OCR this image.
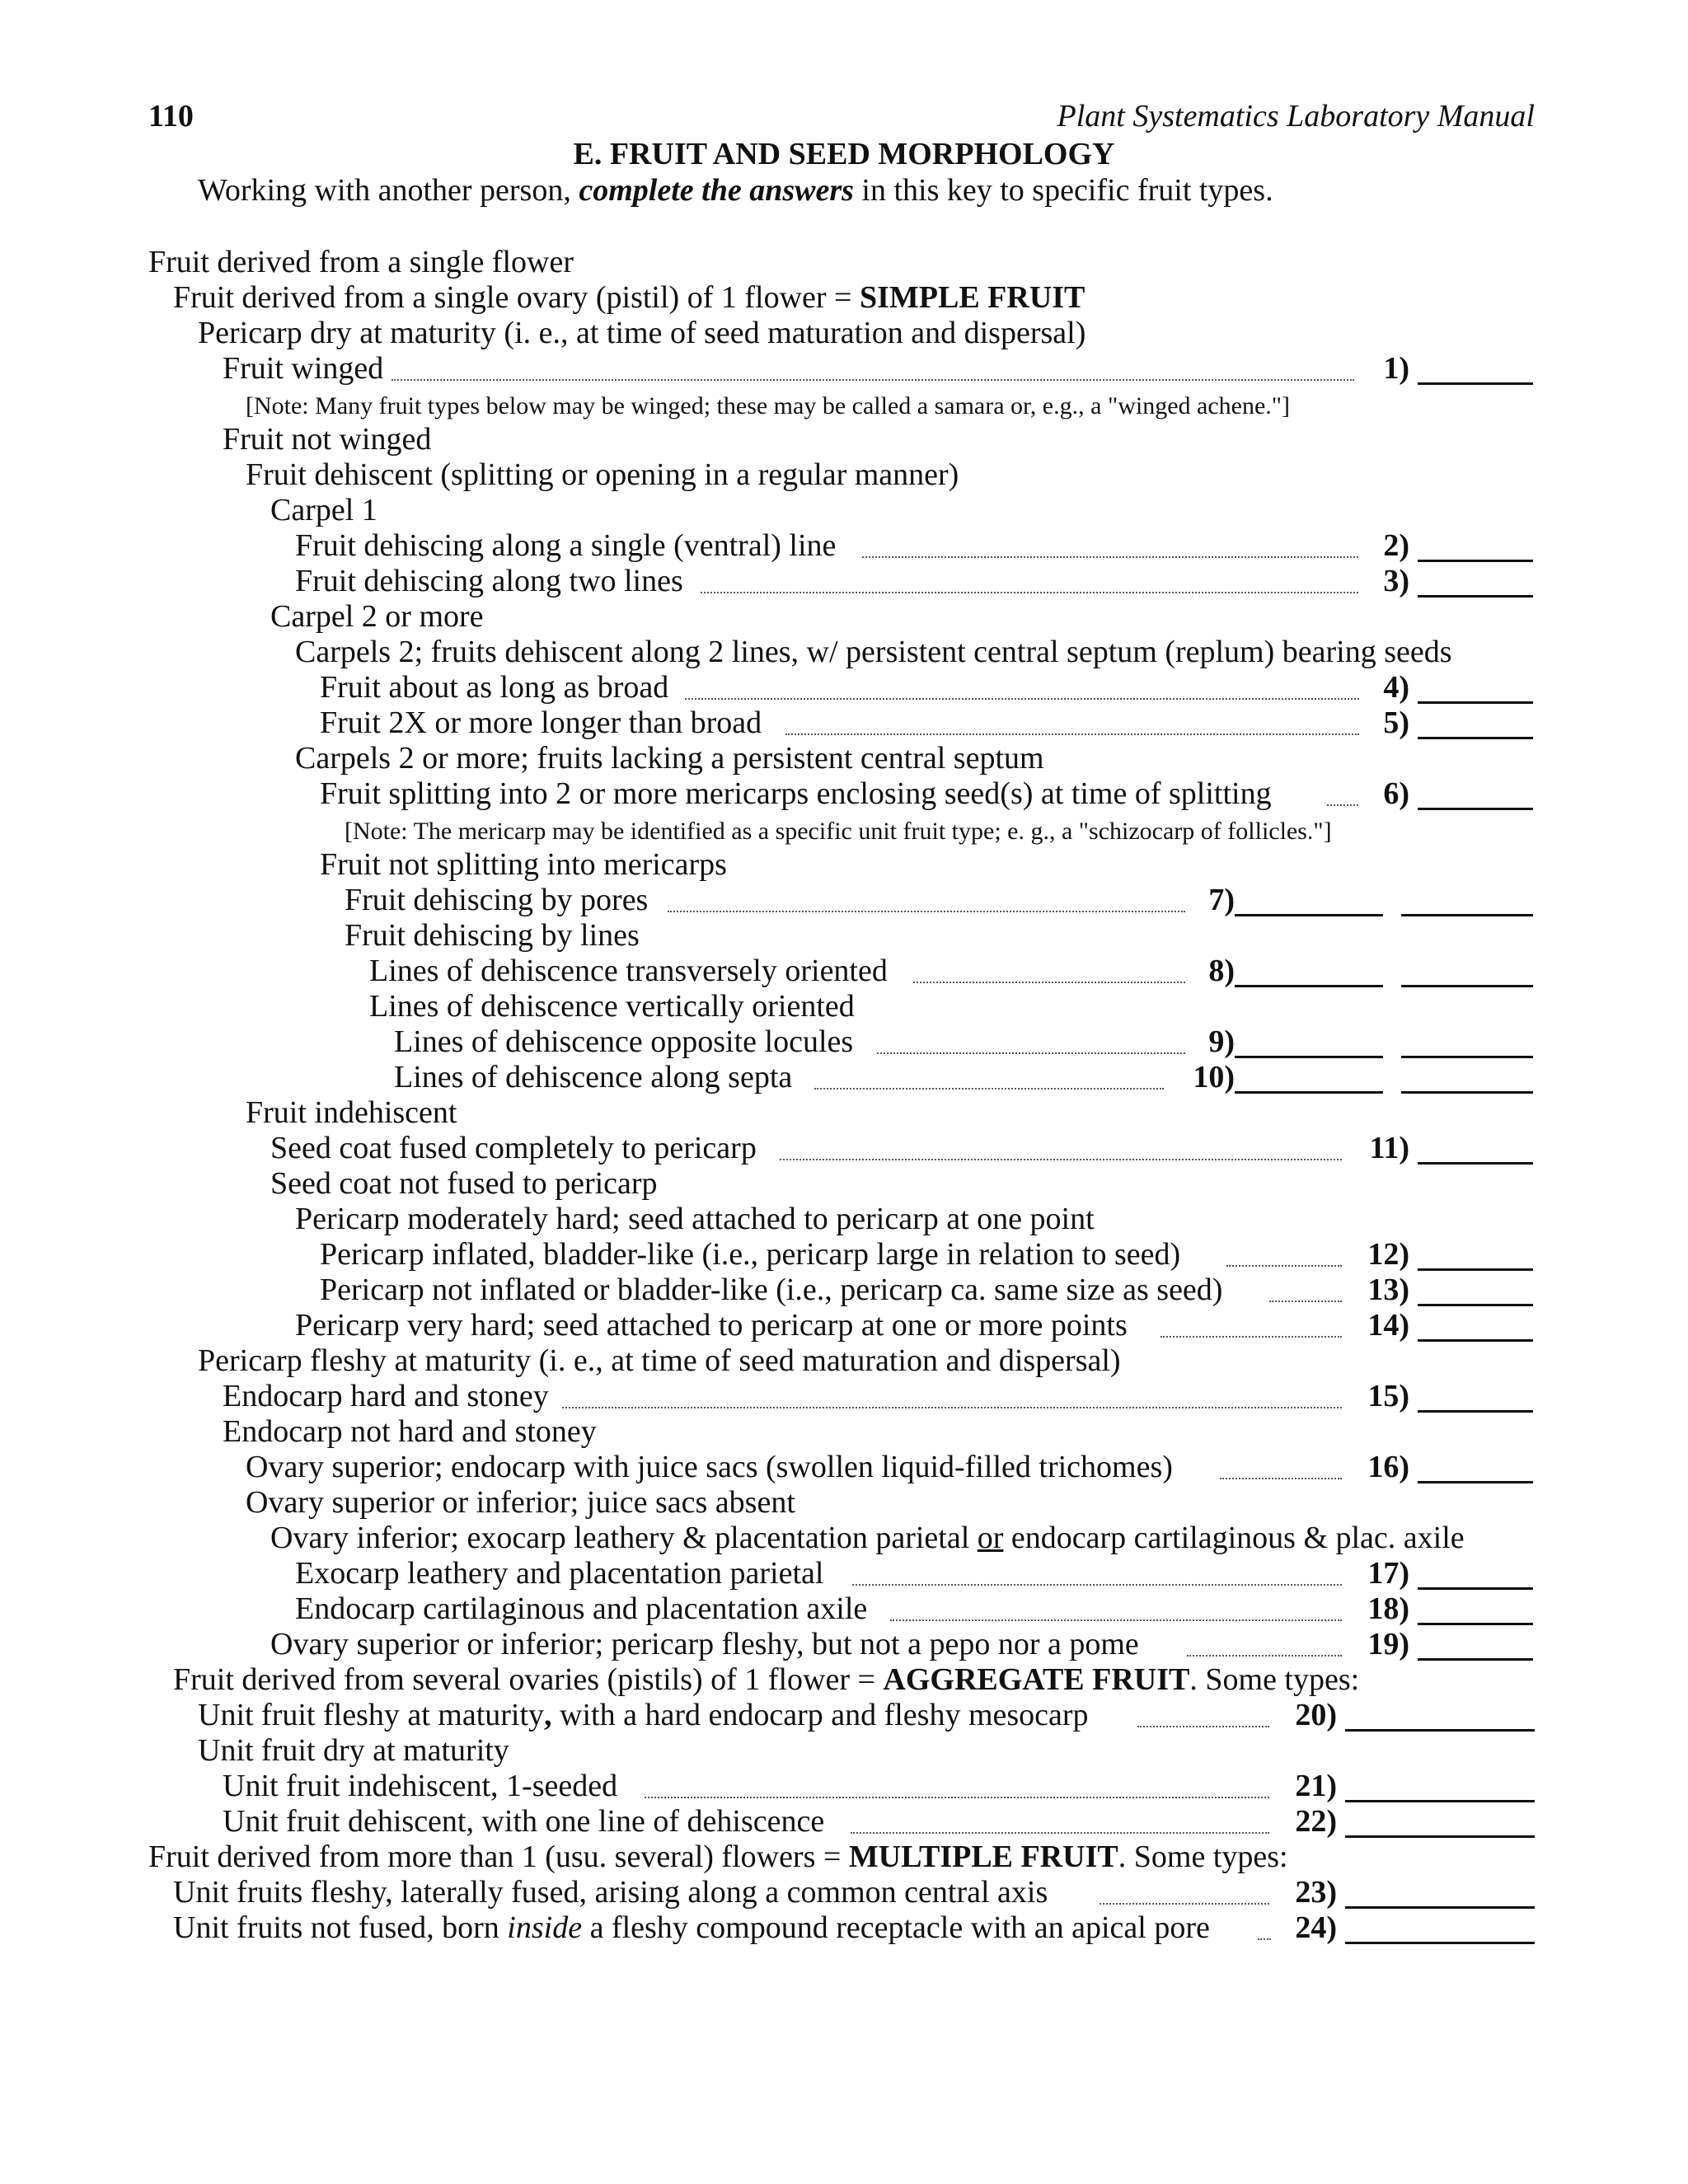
110	Plant Systematics Laboratory Manual
E. FRUIT AND SEED MORPHOLOGY
Working with another person, complete the answers in this key to specific fruit types.
Fruit derived from a single flower
Fruit derived from a single ovary (pistil) of 1 flower = SIMPLE FRUIT
Pericarp dry at maturity (i. e., at time of seed maturation and dispersal)
Fruit winged	1)
[Note: Many fruit types below may be winged; these may be called a samara or, e.g., a "winged achene."]
Fruit not winged
Fruit dehiscent (splitting or opening in a regular manner)
Carpel 1
Fruit dehiscing along a single (ventral) line	2)
Fruit dehiscing along two lines	3)
Carpel 2 or more
Carpels 2; fruits dehiscent along 2 lines, w/ persistent central septum (replum) bearing seeds
Fruit about as long as broad	4)
Fruit 2X or more longer than broad	5)
Carpels 2 or more; fruits lacking a persistent central septum
Fruit splitting into 2 or more mericarps enclosing seed(s) at time of splitting	6)
[Note: The mericarp may be identified as a specific unit fruit type; e. g., a "schizocarp of follicles."]
Fruit not splitting into mericarps
Fruit dehiscing by pores	7)
Fruit dehiscing by lines
Lines of dehiscence transversely oriented	8)
Lines of dehiscence vertically oriented
Lines of dehiscence opposite locules	9)
Lines of dehiscence along septa	10)
Fruit indehiscent
Seed coat fused completely to pericarp	11)
Seed coat not fused to pericarp
Pericarp moderately hard; seed attached to pericarp at one point
Pericarp inflated, bladder-like (i.e., pericarp large in relation to seed)	12)
Pericarp not inflated or bladder-like (i.e., pericarp ca. same size as seed)	13)
Pericarp very hard; seed attached to pericarp at one or more points	14)
Pericarp fleshy at maturity (i. e., at time of seed maturation and dispersal)
Endocarp hard and stoney	15)
Endocarp not hard and stoney
Ovary superior; endocarp with juice sacs (swollen liquid-filled trichomes)	16)
Ovary superior or inferior; juice sacs absent
Ovary inferior; exocarp leathery & placentation parietal or endocarp cartilaginous & plac. axile
Exocarp leathery and placentation parietal	17)
Endocarp cartilaginous and placentation axile	18)
Ovary superior or inferior; pericarp fleshy, but not a pepo nor a pome	19)
Fruit derived from several ovaries (pistils) of 1 flower = AGGREGATE FRUIT. Some types:
Unit fruit fleshy at maturity, with a hard endocarp and fleshy mesocarp	20)
Unit fruit dry at maturity
Unit fruit indehiscent, 1-seeded	21)
Unit fruit dehiscent, with one line of dehiscence	22)
Fruit derived from more than 1 (usu. several) flowers = MULTIPLE FRUIT. Some types:
Unit fruits fleshy, laterally fused, arising along a common central axis	23)
Unit fruits not fused, born inside a fleshy compound receptacle with an apical pore	24)
